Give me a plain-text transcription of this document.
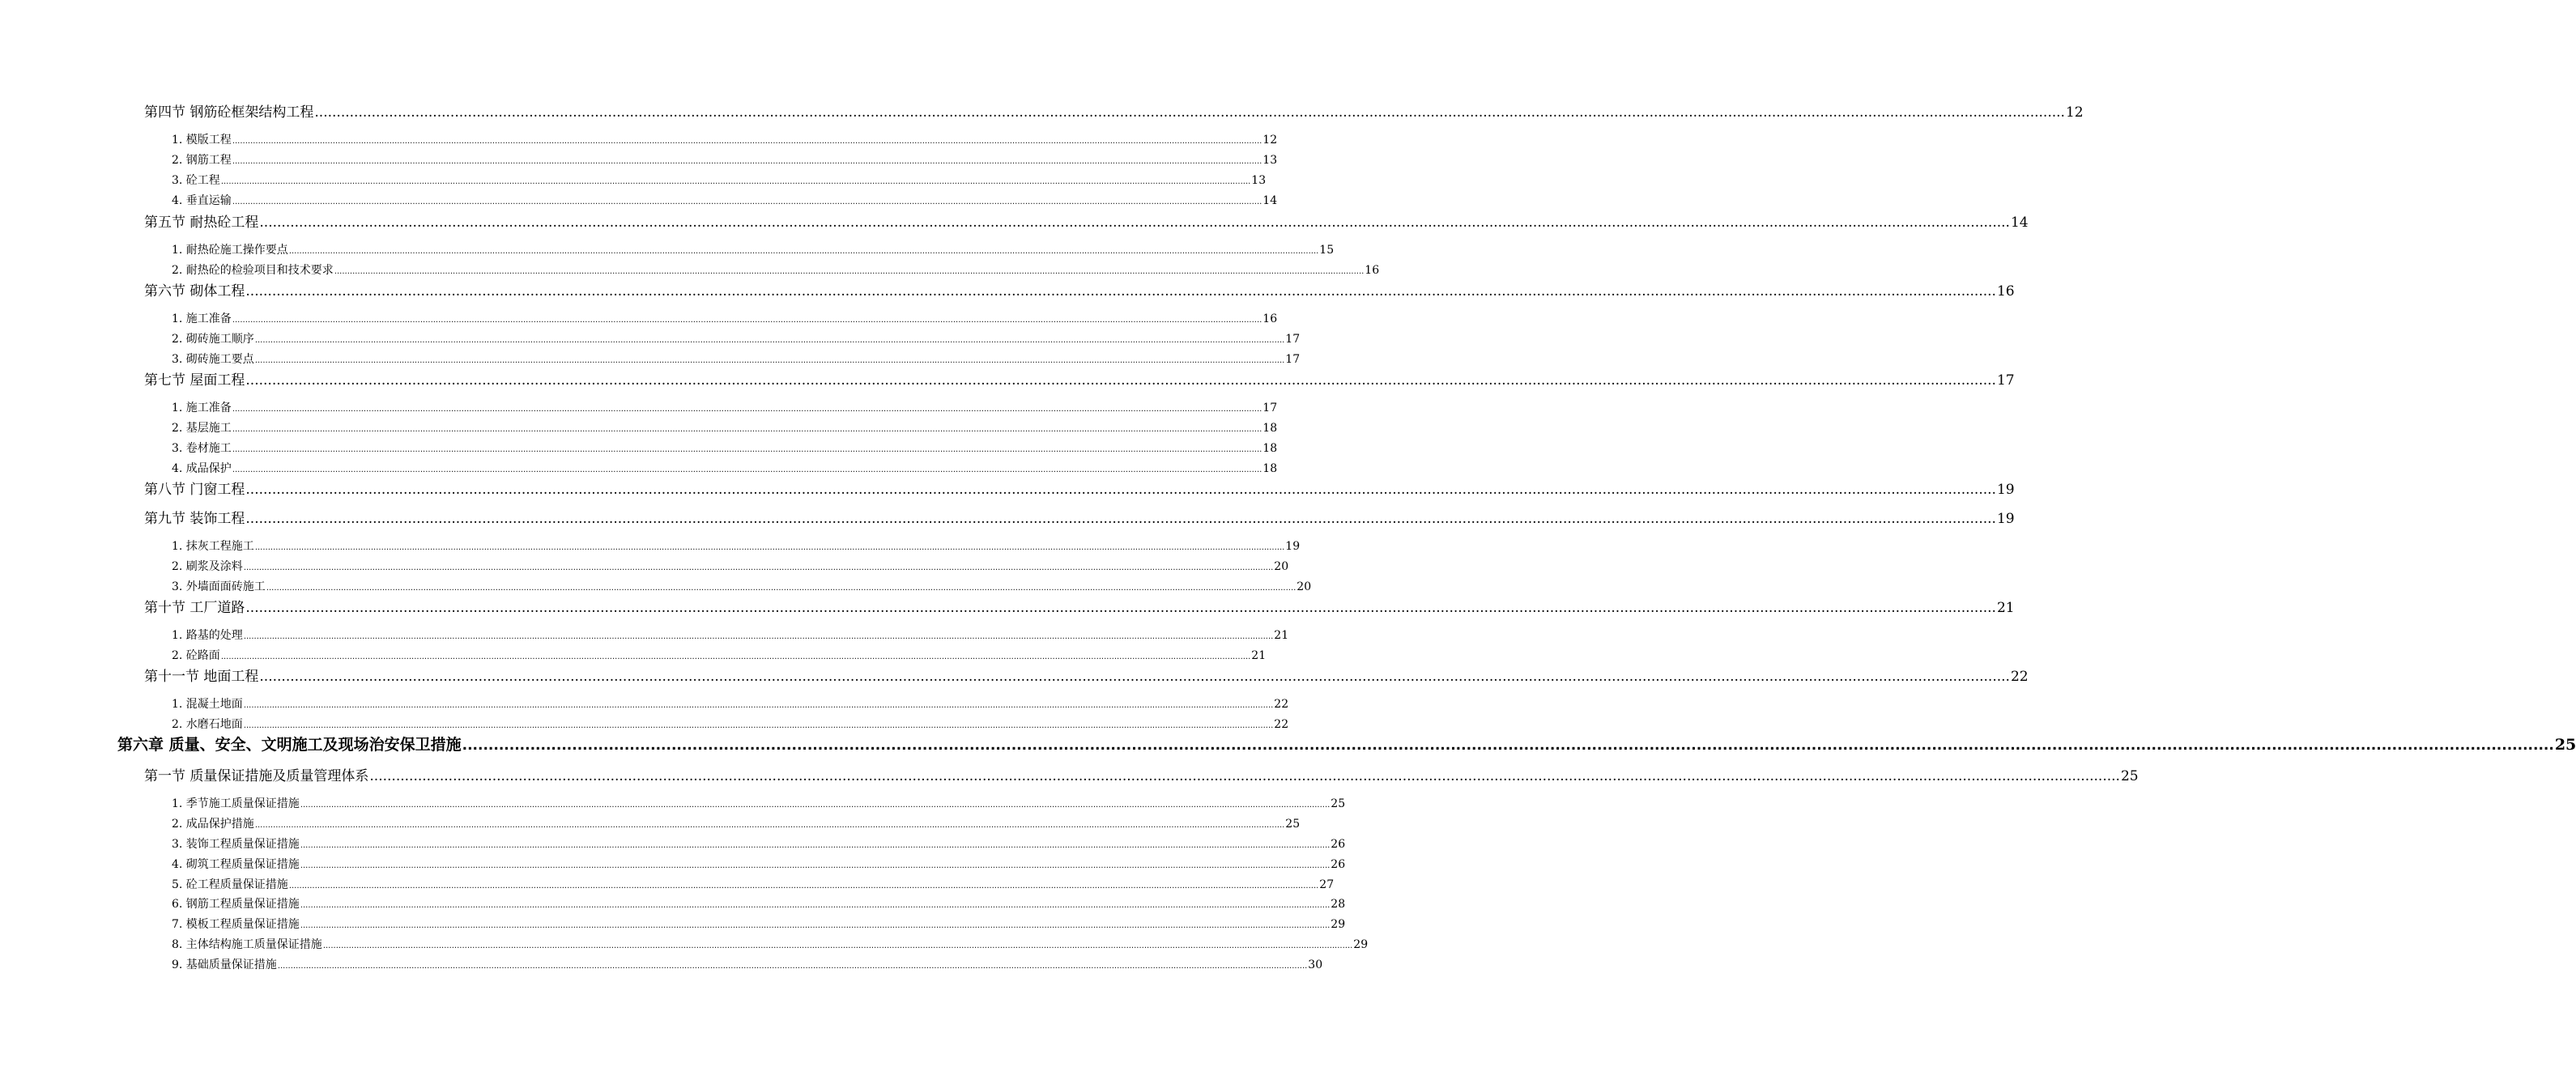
第四节 钢筋砼框架结构工程 ................................................................................................................................................................................................................................................................................................................................................................................................................ 12
1. 模版工程 ................................................................................................................................................................................................................................................................................................................................................................................................................ 12
2. 钢筋工程 ................................................................................................................................................................................................................................................................................................................................................................................................................ 13
3. 砼工程 ................................................................................................................................................................................................................................................................................................................................................................................................................ 13
4. 垂直运输 ................................................................................................................................................................................................................................................................................................................................................................................................................ 14
第五节 耐热砼工程 ................................................................................................................................................................................................................................................................................................................................................................................................................ 14
1. 耐热砼施工操作要点 ................................................................................................................................................................................................................................................................................................................................................................................................................ 15
2. 耐热砼的检验项目和技术要求 ................................................................................................................................................................................................................................................................................................................................................................................................................ 16
第六节 砌体工程 ................................................................................................................................................................................................................................................................................................................................................................................................................ 16
1. 施工准备 ................................................................................................................................................................................................................................................................................................................................................................................................................ 16
2. 砌砖施工顺序 ................................................................................................................................................................................................................................................................................................................................................................................................................ 17
3. 砌砖施工要点 ................................................................................................................................................................................................................................................................................................................................................................................................................ 17
第七节 屋面工程 ................................................................................................................................................................................................................................................................................................................................................................................................................ 17
1. 施工准备 ................................................................................................................................................................................................................................................................................................................................................................................................................ 17
2. 基层施工 ................................................................................................................................................................................................................................................................................................................................................................................................................ 18
3. 卷材施工 ................................................................................................................................................................................................................................................................................................................................................................................................................ 18
4. 成品保护 ................................................................................................................................................................................................................................................................................................................................................................................................................ 18
第八节 门窗工程 ................................................................................................................................................................................................................................................................................................................................................................................................................ 19
第九节 装饰工程 ................................................................................................................................................................................................................................................................................................................................................................................................................ 19
1. 抹灰工程施工 ................................................................................................................................................................................................................................................................................................................................................................................................................ 19
2. 刷浆及涂料 ................................................................................................................................................................................................................................................................................................................................................................................................................ 20
3. 外墙面面砖施工 ................................................................................................................................................................................................................................................................................................................................................................................................................ 20
第十节 工厂道路 ................................................................................................................................................................................................................................................................................................................................................................................................................ 21
1. 路基的处理 ................................................................................................................................................................................................................................................................................................................................................................................................................ 21
2. 砼路面 ................................................................................................................................................................................................................................................................................................................................................................................................................ 21
第十一节 地面工程 ................................................................................................................................................................................................................................................................................................................................................................................................................ 22
1. 混凝土地面 ................................................................................................................................................................................................................................................................................................................................................................................................................ 22
2. 水磨石地面 ................................................................................................................................................................................................................................................................................................................................................................................................................ 22
第六章 质量、安全、文明施工及现场治安保卫措施 ................................................................................................................................................................................................................................................................................................................................................................................................................ 25
第一节 质量保证措施及质量管理体系 ................................................................................................................................................................................................................................................................................................................................................................................................................ 25
1. 季节施工质量保证措施 ................................................................................................................................................................................................................................................................................................................................................................................................................ 25
2. 成品保护措施 ................................................................................................................................................................................................................................................................................................................................................................................................................ 25
3. 装饰工程质量保证措施 ................................................................................................................................................................................................................................................................................................................................................................................................................ 26
4. 砌筑工程质量保证措施 ................................................................................................................................................................................................................................................................................................................................................................................................................ 26
5. 砼工程质量保证措施 ................................................................................................................................................................................................................................................................................................................................................................................................................ 27
6. 钢筋工程质量保证措施 ................................................................................................................................................................................................................................................................................................................................................................................................................ 28
7. 模板工程质量保证措施 ................................................................................................................................................................................................................................................................................................................................................................................................................ 29
8. 主体结构施工质量保证措施 ................................................................................................................................................................................................................................................................................................................................................................................................................ 29
9. 基础质量保证措施 ................................................................................................................................................................................................................................................................................................................................................................................................................ 30
